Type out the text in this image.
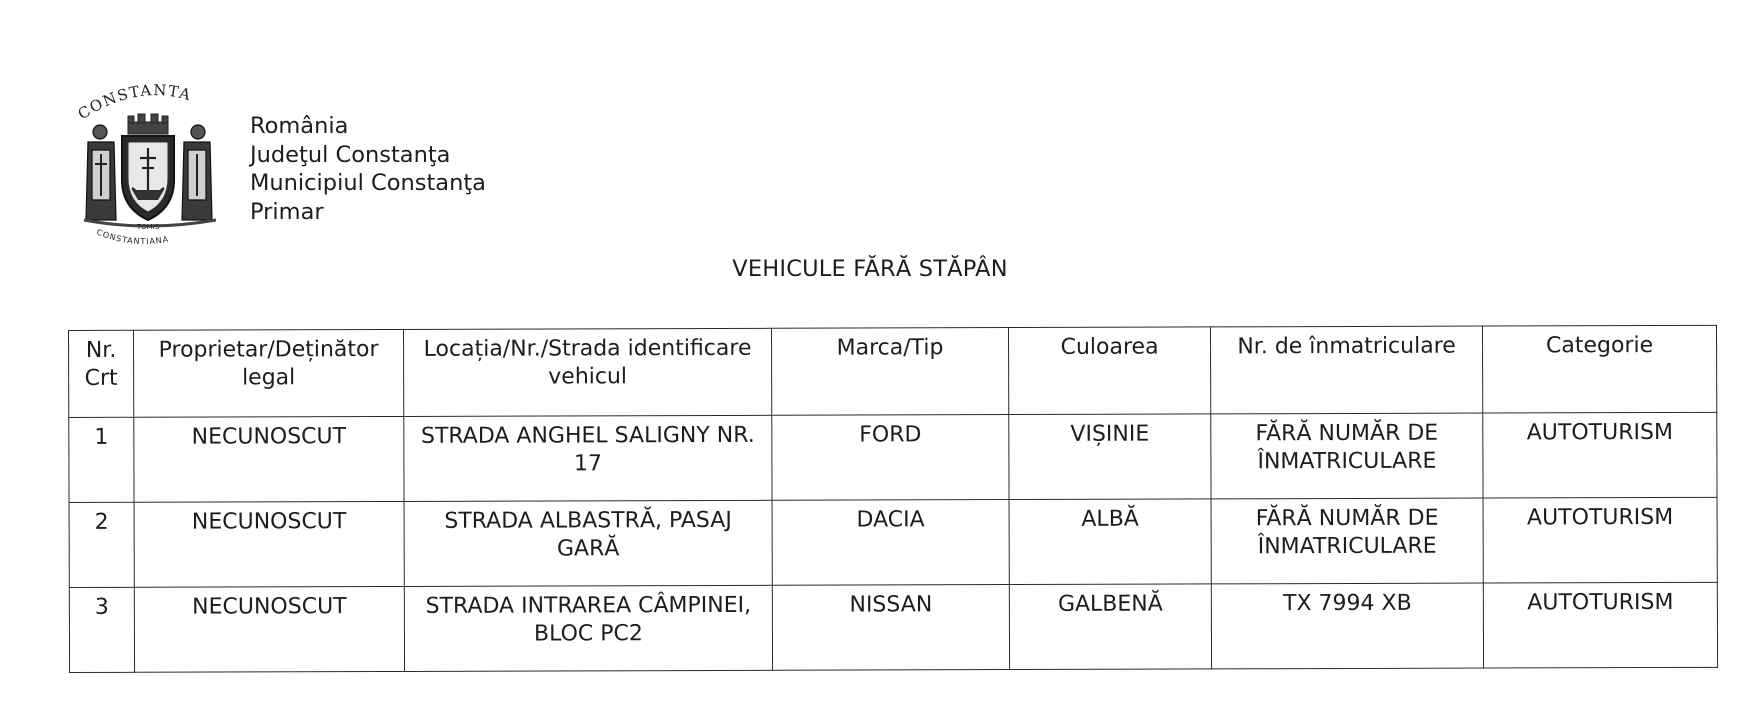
CONSTANTA
TOMIS
CONSTANTIANA
România
Judeţul Constanţa
Municipiul Constanţa
Primar
VEHICULE FĂRĂ STĂPÂN
Nr.
Crt	Proprietar/Deținător legal	Locația/Nr./Strada identificare vehicul	Marca/Tip	Culoarea	Nr. de înmatriculare	Categorie
1	NECUNOSCUT	STRADA ANGHEL SALIGNY NR. 17	FORD	VIȘINIE	FĂRĂ NUMĂR DE ÎNMATRICULARE	AUTOTURISM
2	NECUNOSCUT	STRADA ALBASTRĂ, PASAJ GARĂ	DACIA	ALBĂ	FĂRĂ NUMĂR DE ÎNMATRICULARE	AUTOTURISM
3	NECUNOSCUT	STRADA INTRAREA CÂMPINEI, BLOC PC2	NISSAN	GALBENĂ	TX 7994 XB	AUTOTURISM
